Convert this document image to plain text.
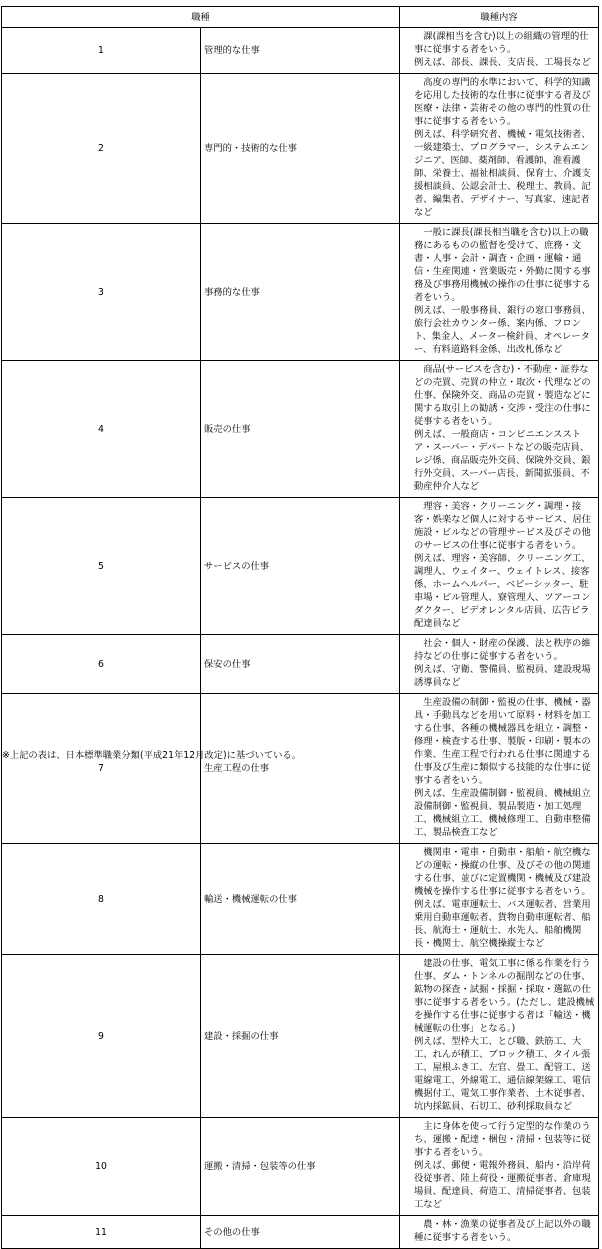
職種		職種内容
1	管理的な仕事	課(課相当を含む)以上の組織の管理的仕事に従事する者をいう。

例えば、部長、課長、支店長、工場長など

2	専門的・技術的な仕事	高度の専門的水準において、科学的知識を応用した技術的な仕事に従事する者及び医療・法律・芸術その他の専門的性質の仕事に従事する者をいう。

例えば、科学研究者、機械・電気技術者、一級建築士、プログラマー、システムエンジニア、医師、薬剤師、看護師、准看護師、栄養士、福祉相談員、保育士、介護支援相談員、公認会計士、税理士、教員、記者、編集者、デザイナー、写真家、速記者など

3	事務的な仕事	一般に課長(課長相当職を含む)以上の職務にあるものの監督を受けて、庶務・文書・人事・会計・調査・企画・運輸・通信・生産関連・営業販売・外勤に関する事務及び事務用機械の操作の仕事に従事する者をいう。

例えば、一般事務員、銀行の窓口事務員、旅行会社カウンター係、案内係、フロント、集金人、メーター検針員、オペレーター、有料道路料金係、出改札係など

4	販売の仕事	商品(サービスを含む)・不動産・証券などの売買、売買の仲立・取次・代理などの仕事、保険外交、商品の売買・製造などに関する取引上の勧誘・交渉・受注の仕事に従事する者をいう。

例えば、一般商店・コンビニエンスストア・スーパー・デパートなどの販売店員、レジ係、商品販売外交員、保険外交員、銀行外交員、スーパー店長、新聞拡張員、不動産仲介人など

5	サービスの仕事	理容・美容・クリーニング・調理・接客・娯楽など個人に対するサービス、居住施設・ビルなどの管理サービス及びその他のサービスの仕事に従事する者をいう。

例えば、理容・美容師、クリーニング工、調理人、ウェイター、ウェイトレス、接客係、ホームヘルパー、ベビーシッター、駐車場・ビル管理人、寮管理人、ツアーコンダクター、ビデオレンタル店員、広告ビラ配達員など

6	保安の仕事	社会・個人・財産の保護、法と秩序の維持などの仕事に従事する者をいう。

例えば、守衛、警備員、監視員、建設現場誘導員など

7	生産工程の仕事	生産設備の制御・監視の仕事、機械・器具・手動具などを用いて原料・材料を加工する仕事、各種の機械器具を組立・調整・修理・検査する仕事、製版・印刷・製本の作業、生産工程で行われる仕事に関連する仕事及び生産に類似する技能的な仕事に従事する者をいう。

例えば、生産設備制御・監視員、機械組立設備制御・監視員、製品製造・加工処理工、機械組立工、機械修理工、自動車整備工、製品検査工など

8	輸送・機械運転の仕事	機関車・電車・自動車・船舶・航空機などの運転・操縦の仕事、及びその他の関連する仕事、並びに定置機関・機械及び建設機械を操作する仕事に従事する者をいう。

例えば、電車運転士、バス運転者、営業用乗用自動車運転者、貨物自動車運転者、船長、航海士・運航士、水先人、船舶機関長・機関士、航空機操縦士など

9	建設・採掘の仕事	建設の仕事、電気工事に係る作業を行う仕事、ダム・トンネルの掘削などの仕事、鉱物の探査・試掘・採掘・採取・選鉱の仕事に従事する者をいう。(ただし、建設機械を操作する仕事に従事する者は「輸送・機械運転の仕事」となる。)

例えば、型枠大工、とび職、鉄筋工、大工、れんが積工、ブロック積工、タイル張工、屋根ふき工、左官、畳工、配管工、送電線電工、外線電工、通信線架線工、電信機据付工、電気工事作業者、土木従事者、坑内採鉱員、石切工、砂利採取員など

10	運搬・清掃・包装等の仕事	主に身体を使って行う定型的な作業のうち、運搬・配達・梱包・清掃・包装等に従事する者をいう。

例えば、郵便・電報外務員、船内・沿岸荷役従事者、陸上荷役・運搬従事者、倉庫現場員、配達員、荷造工、清掃従事者、包装工など

11	その他の仕事	農・林・漁業の従事者及び上記以外の職種に従事する者をいう。

※上記の表は、日本標準職業分類(平成21年12月改定)に基づいている。
